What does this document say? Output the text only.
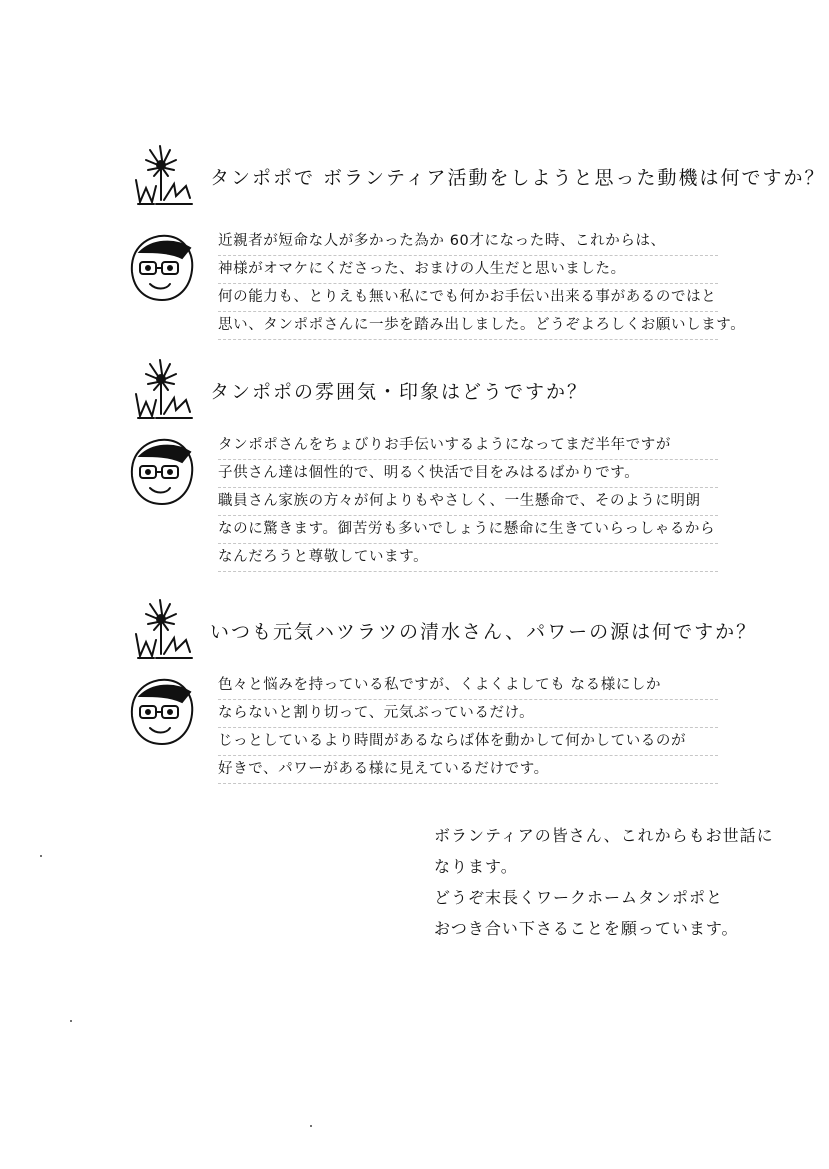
タンポポで ボランティア活動をしようと思った動機は何ですか？
近親者が短命な人が多かった為か 60才になった時、これからは、
神様がオマケにくださった、おまけの人生だと思いました。
何の能力も、とりえも無い私にでも何かお手伝い出来る事があるのではと
思い、タンポポさんに一歩を踏み出しました。どうぞよろしくお願いします。
タンポポの雰囲気・印象はどうですか？
タンポポさんをちょびりお手伝いするようになってまだ半年ですが
子供さん達は個性的で、明るく快活で目をみはるばかりです。
職員さん家族の方々が何よりもやさしく、一生懸命で、そのように明朗
なのに驚きます。御苦労も多いでしょうに懸命に生きていらっしゃるから
なんだろうと尊敬しています。
いつも元気ハツラツの清水さん、パワーの源は何ですか？
色々と悩みを持っている私ですが、くよくよしても なる様にしか
ならないと割り切って、元気ぶっているだけ。
じっとしているより時間があるならば体を動かして何かしているのが
好きで、パワーがある様に見えているだけです。
ボランティアの皆さん、これからもお世話に
なります。
どうぞ末長くワークホームタンポポと
おつき合い下さることを願っています。
